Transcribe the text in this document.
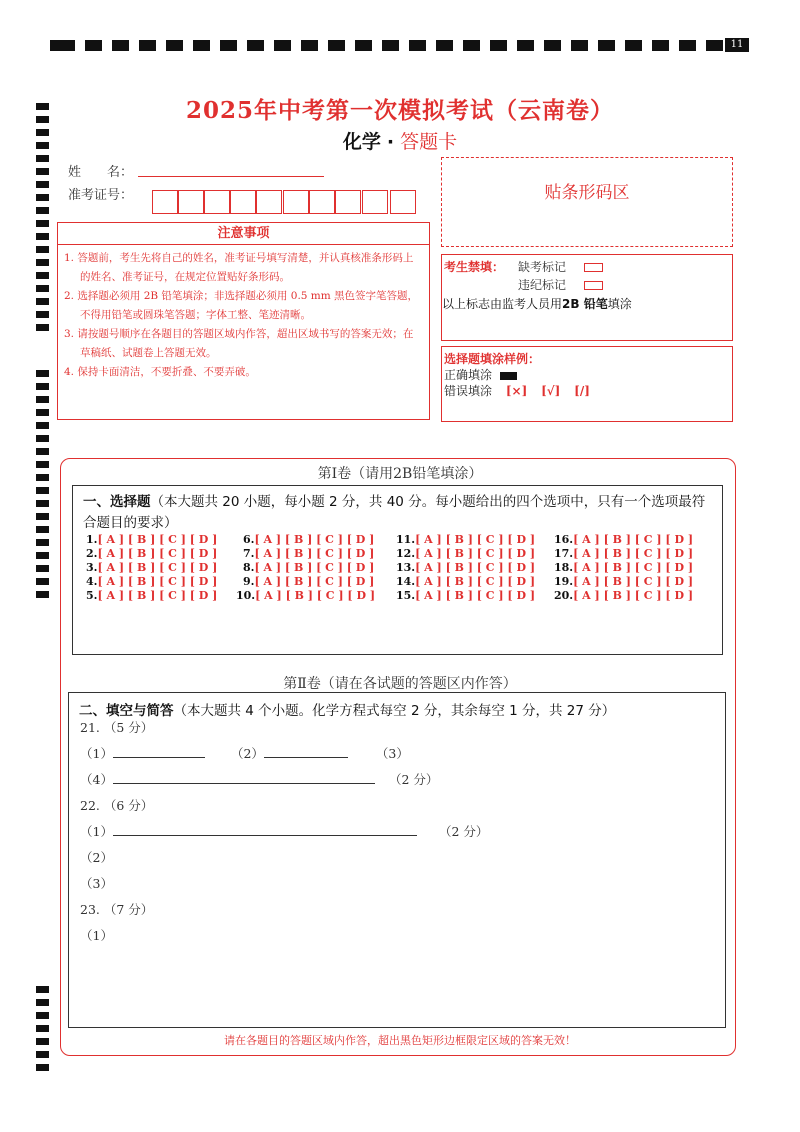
11
2025年中考第一次模拟考试（云南卷）
化学 · 答题卡
姓　　名：
准考证号：
注意事项
1. 答题前，考生先将自己的姓名，准考证号填写清楚，并认真核准条形码上的姓名、准考证号，在规定位置贴好条形码。
2. 选择题必须用 2B 铅笔填涂；非选择题必须用 0.5 mm 黑色签字笔答题，不得用铅笔或圆珠笔答题；字体工整、笔迹清晰。
3. 请按题号顺序在各题目的答题区域内作答，超出区域书写的答案无效；在草稿纸、试题卷上答题无效。
4. 保持卡面清洁，不要折叠、不要弄破。
贴条形码区
考生禁填： 缺考标记
违纪标记
以上标志由监考人员用2B 铅笔填涂
选择题填涂样例：
正确填涂
错误填涂 [×] [√] [/]
第Ⅰ卷（请用2B铅笔填涂）
一、选择题（本大题共 20 小题，每小题 2 分，共 40 分。每小题给出的四个选项中，只有一个选项最符合题目的要求）
1.[ A ] [ B ] [ C ] [ D ]
2.[ A ] [ B ] [ C ] [ D ]
3.[ A ] [ B ] [ C ] [ D ]
4.[ A ] [ B ] [ C ] [ D ]
5.[ A ] [ B ] [ C ] [ D ]
6.[ A ] [ B ] [ C ] [ D ]
7.[ A ] [ B ] [ C ] [ D ]
8.[ A ] [ B ] [ C ] [ D ]
9.[ A ] [ B ] [ C ] [ D ]
10.[ A ] [ B ] [ C ] [ D ]
11.[ A ] [ B ] [ C ] [ D ]
12.[ A ] [ B ] [ C ] [ D ]
13.[ A ] [ B ] [ C ] [ D ]
14.[ A ] [ B ] [ C ] [ D ]
15.[ A ] [ B ] [ C ] [ D ]
16.[ A ] [ B ] [ C ] [ D ]
17.[ A ] [ B ] [ C ] [ D ]
18.[ A ] [ B ] [ C ] [ D ]
19.[ A ] [ B ] [ C ] [ D ]
20.[ A ] [ B ] [ C ] [ D ]
第Ⅱ卷（请在各试题的答题区内作答）
二、填空与简答（本大题共 4 个小题。化学方程式每空 2 分，其余每空 1 分，共 27 分）
21. （5 分）
（1）	（2）	（3）
（4）	（2 分）
22. （6 分）
（1）	（2 分）
（2）
（3）
23. （7 分）
（1）
请在各题目的答题区域内作答，超出黑色矩形边框限定区域的答案无效！
